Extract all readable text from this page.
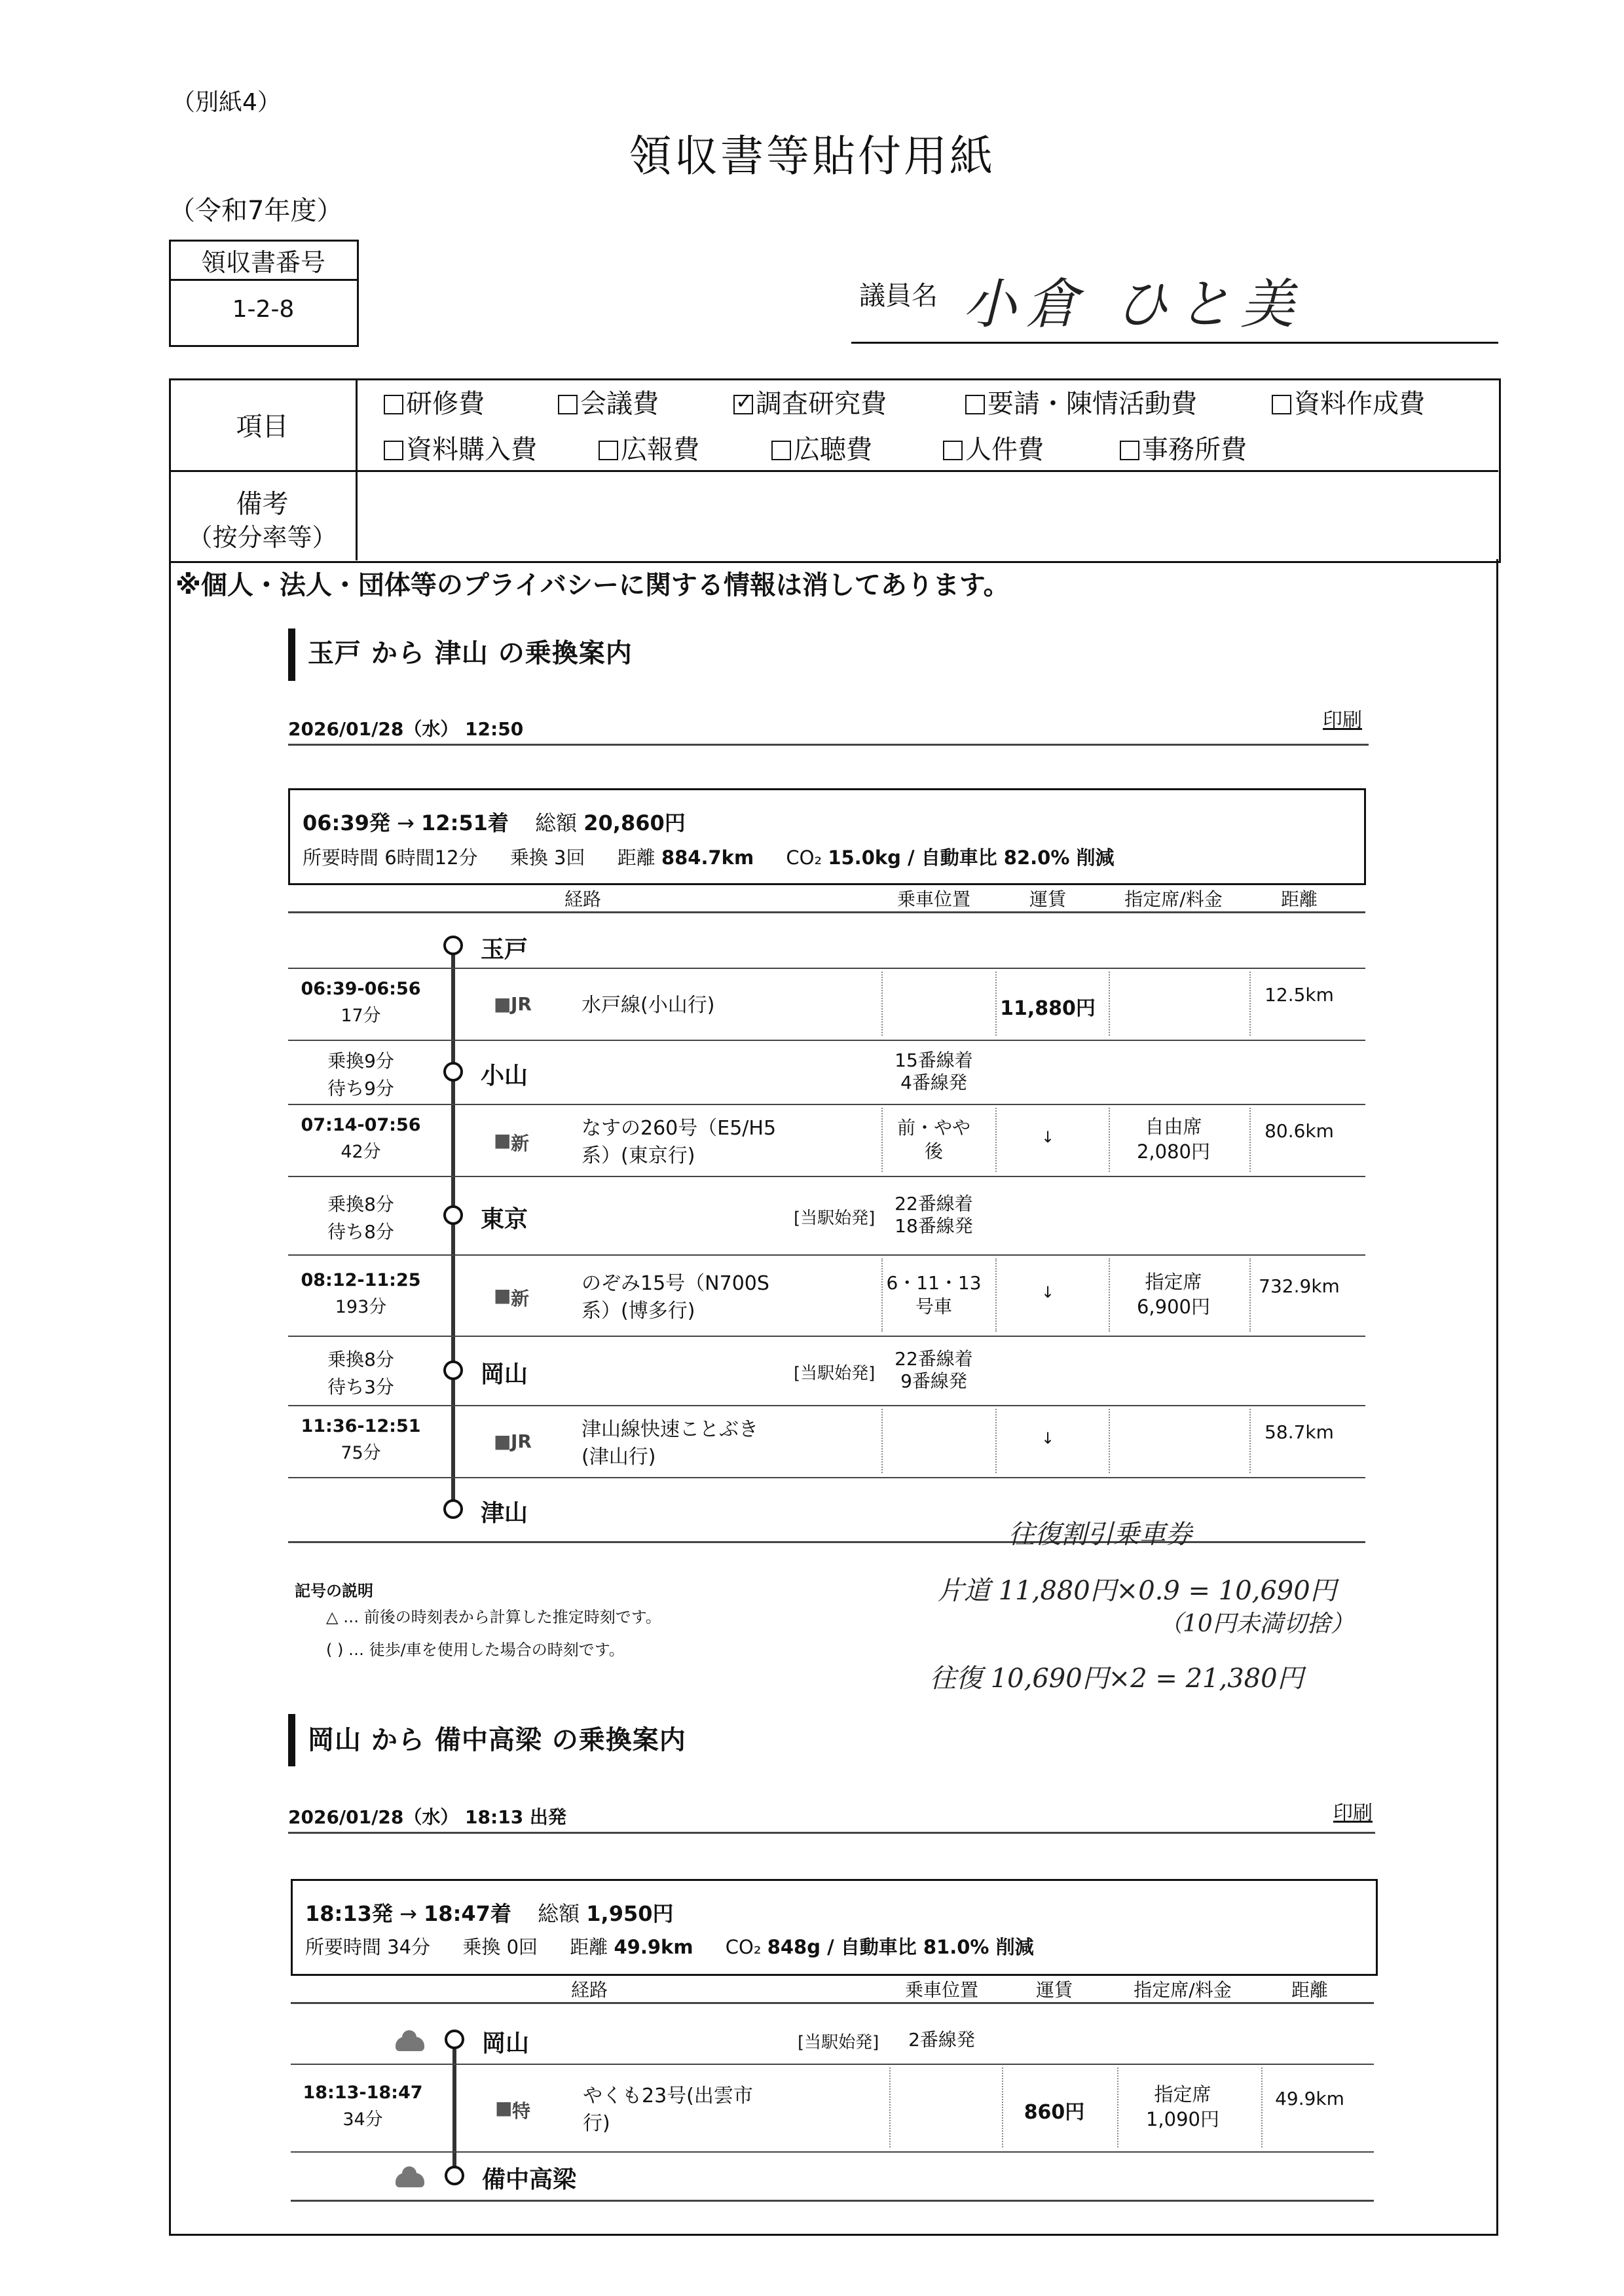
（別紙4）
領収書等貼付用紙
（令和7年度）
領収書番号
1-2-8	議員名 小倉 ひと美
項目
備考
（按分率等）
研修費	会議費
✓	調査研究費	要請・陳情活動費	資料作成費
資料購入費	広報費	広聴費	人件費	事務所費
※個人・法人・団体等のプライバシーに関する情報は消してあります。
玉戸 から 津山 の乗換案内
2026/01/28（水） 12:50	印刷
06:39発 → 12:51着 総額 20,860円
所要時間 6時間12分 乗換 3回 距離 884.7km CO₂ 15.0kg / 自動車比 82.0% 削減
経路	乗車位置	運賃	指定席/料金	距離
玉戸
06:39-06:56
17分
■ JR	水戸線(小山行)	11,880円
12.5km
小山
15番線着
4番線発
乗換9分
待ち9分
07:14-07:56
42分
■ 新
なすの260号（E5/H5
系）(東京行)
前・やや
後
↓	自由席
2,080円
80.6km
東京	[当駅始発]
22番線着
18番線発
乗換8分
待ち8分
08:12-11:25
193分
■ 新
のぞみ15号（N700S
系）(博多行)
6・11・13
号車
↓	指定席
6,900円
732.9km
岡山	[当駅始発]
22番線着
9番線発
乗換8分
待ち3分
11:36-12:51
75分
■ JR
津山線快速ことぶき
(津山行)
↓	58.7km
津山
記号の説明
△ … 前後の時刻表から計算した推定時刻です。
( ) … 徒歩/車を使用した場合の時刻です。
往復割引乗車券
片道 11,880円×0.9 = 10,690円
（10円未満切捨）
往復 10,690円×2 = 21,380円
岡山 から 備中高梁 の乗換案内
2026/01/28（水） 18:13 出発	印刷
18:13発 → 18:47着 総額 1,950円
所要時間 34分 乗換 0回 距離 49.9km CO₂ 848g / 自動車比 81.0% 削減
経路	乗車位置	運賃	指定席/料金	距離
岡山	[当駅始発]	2番線発
18:13-18:47
34分
■ 特
やくも23号(出雲市
行)	860円
指定席
1,090円
49.9km
備中高梁
